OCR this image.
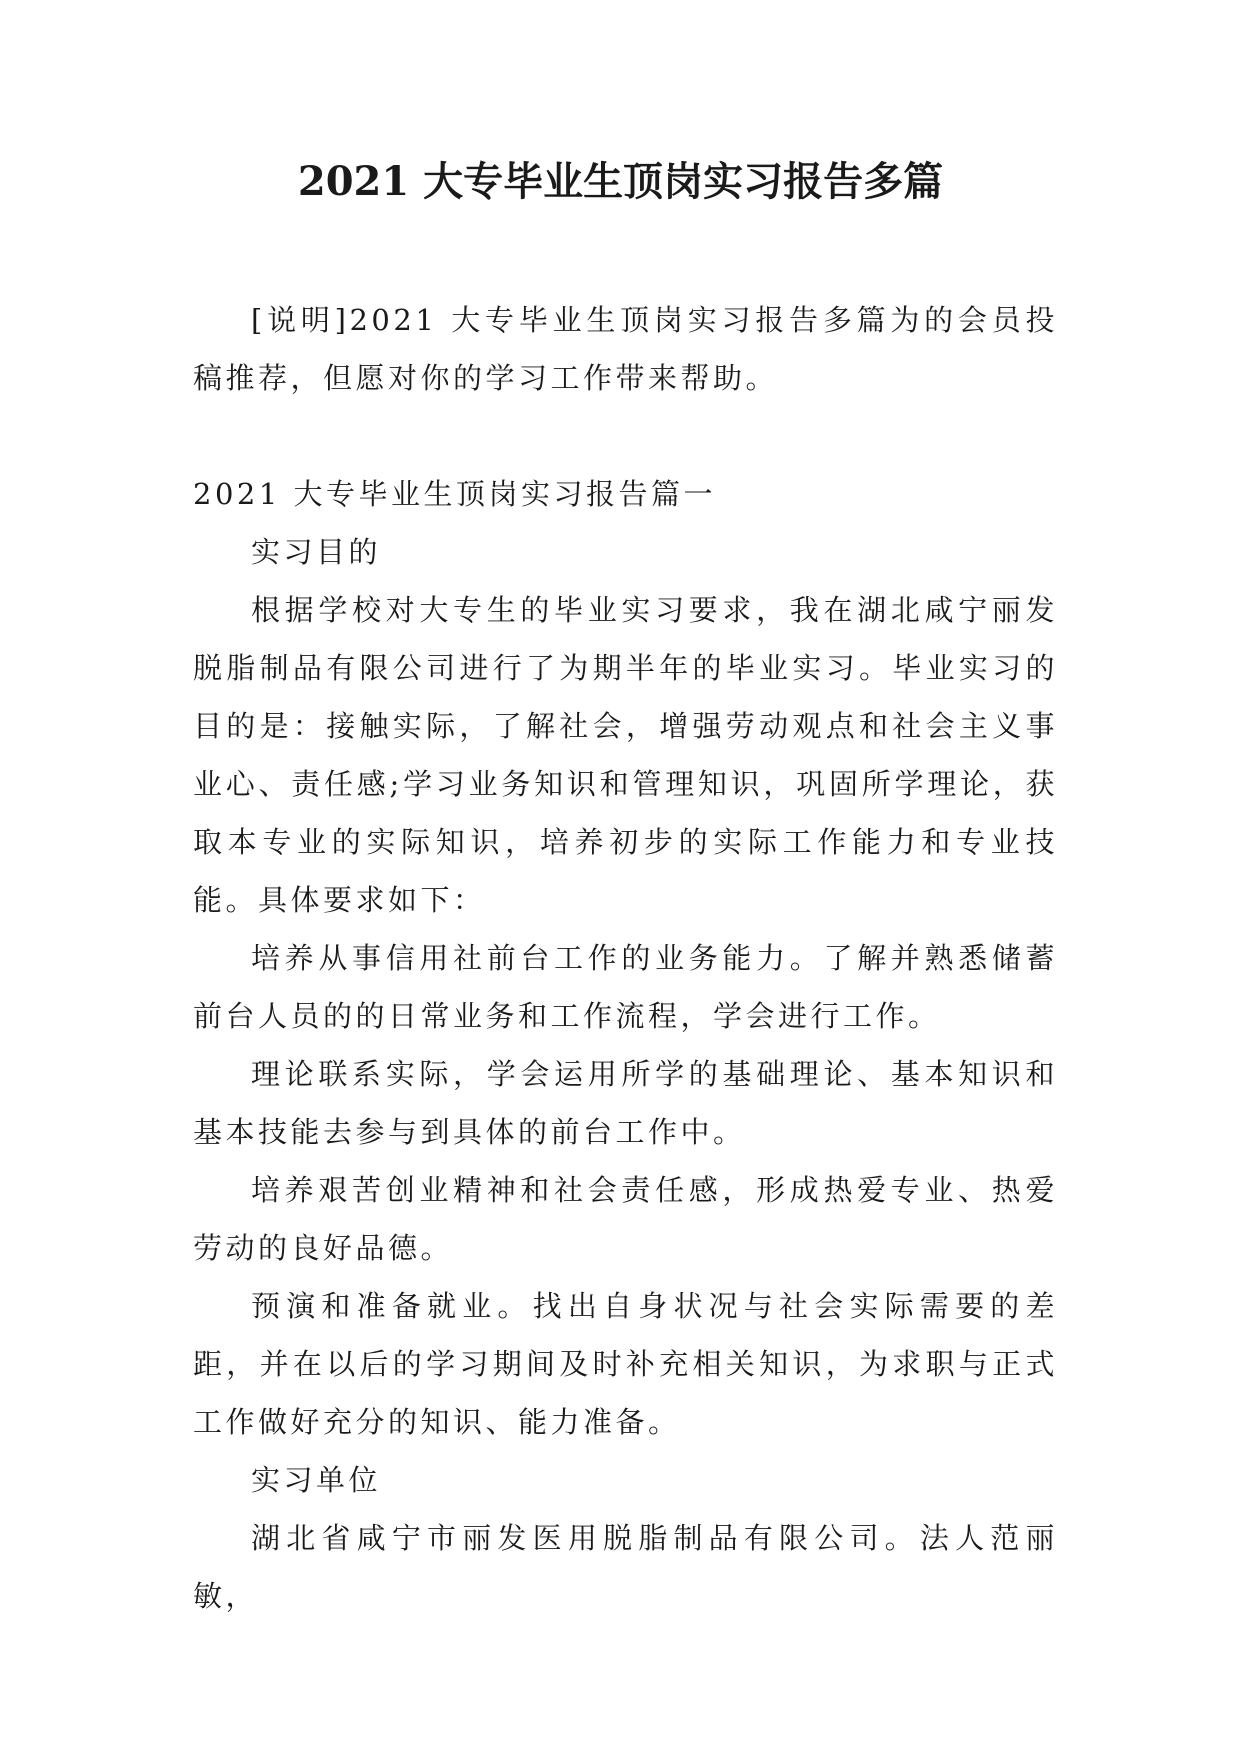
2021 大专毕业生顶岗实习报告多篇

[说明]2021 大专毕业生顶岗实习报告多篇为的会员投稿推荐，但愿对你的学习工作带来帮助。

2021 大专毕业生顶岗实习报告篇一

实习目的

根据学校对大专生的毕业实习要求，我在湖北咸宁丽发脱脂制品有限公司进行了为期半年的毕业实习。毕业实习的目的是：接触实际，了解社会，增强劳动观点和社会主义事业心、责任感;学习业务知识和管理知识，巩固所学理论，获取本专业的实际知识，培养初步的实际工作能力和专业技能。具体要求如下：

培养从事信用社前台工作的业务能力。了解并熟悉储蓄前台人员的的日常业务和工作流程，学会进行工作。

理论联系实际，学会运用所学的基础理论、基本知识和基本技能去参与到具体的前台工作中。

培养艰苦创业精神和社会责任感，形成热爱专业、热爱劳动的良好品德。

预演和准备就业。找出自身状况与社会实际需要的差距，并在以后的学习期间及时补充相关知识，为求职与正式工作做好充分的知识、能力准备。

实习单位

湖北省咸宁市丽发医用脱脂制品有限公司。法人范丽敏，
